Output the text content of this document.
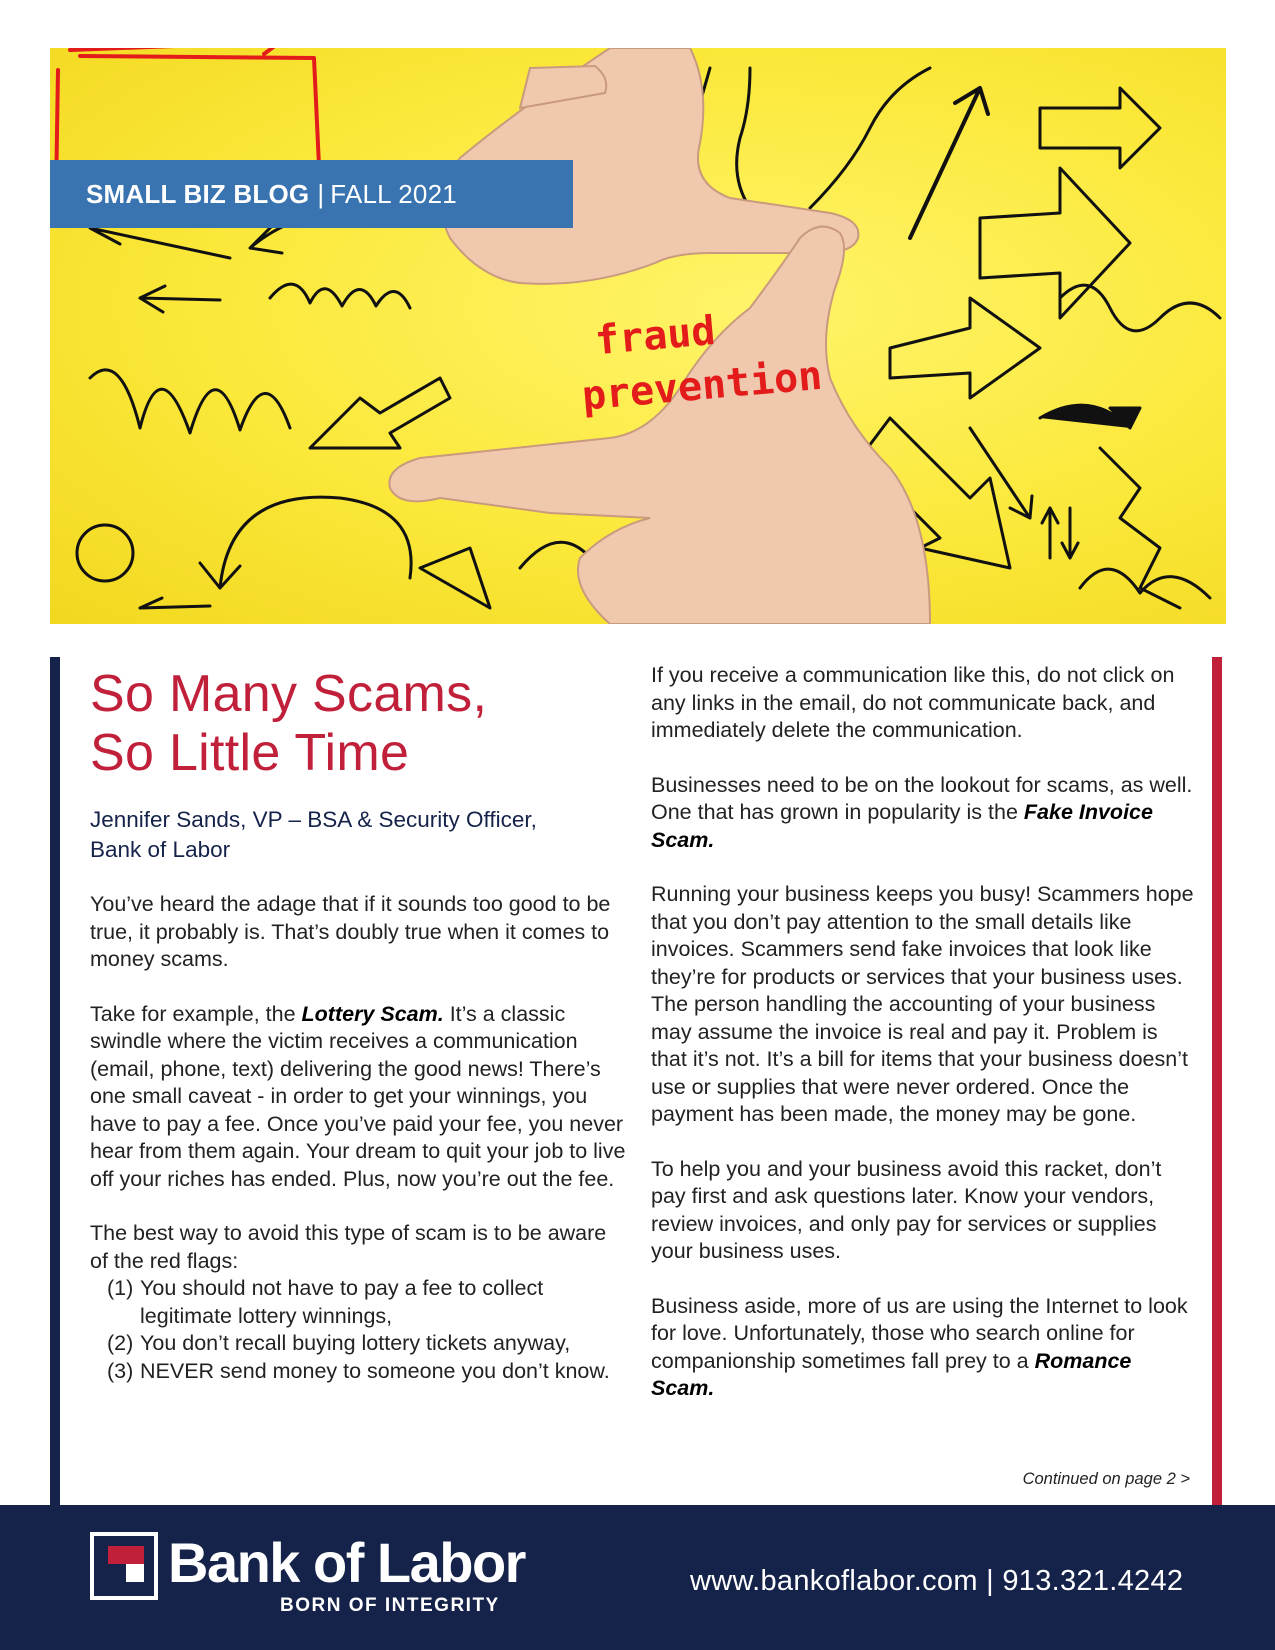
fraud
prevention
SMALL BIZ BLOG | FALL 2021
So Many Scams,
So Little Time
Jennifer Sands, VP – BSA & Security Officer,
Bank of Labor

You’ve heard the adage that if it sounds too good to be true, it probably is. That’s doubly true when it comes to money scams.

Take for example, the Lottery Scam. It’s a classic swindle where the victim receives a communication (email, phone, text) delivering the good news! There’s one small caveat - in order to get your winnings, you have to pay a fee. Once you’ve paid your fee, you never hear from them again. Your dream to quit your job to live off your riches has ended. Plus, now you’re out the fee.

The best way to avoid this type of scam is to be aware of the red flags:

(1) You should not have to pay a fee to collect legitimate lottery winnings,
(2) You don’t recall buying lottery tickets anyway,
(3) NEVER send money to someone you don’t know.

If you receive a communication like this, do not click on any links in the email, do not communicate back, and immediately delete the communication.

Businesses need to be on the lookout for scams, as well. One that has grown in popularity is the Fake Invoice Scam.

Running your business keeps you busy! Scammers hope that you don’t pay attention to the small details like invoices. Scammers send fake invoices that look like they’re for products or services that your business uses. The person handling the accounting of your business may assume the invoice is real and pay it. Problem is that it’s not. It’s a bill for items that your business doesn’t use or supplies that were never ordered. Once the payment has been made, the money may be gone.

To help you and your business avoid this racket, don’t pay first and ask questions later. Know your vendors, review invoices, and only pay for services or supplies your business uses.

Business aside, more of us are using the Internet to look for love. Unfortunately, those who search online for companionship sometimes fall prey to a Romance Scam.

Continued on page 2 >
Bank of Labor
BORN OF INTEGRITY
www.bankoflabor.com | 913.321.4242
